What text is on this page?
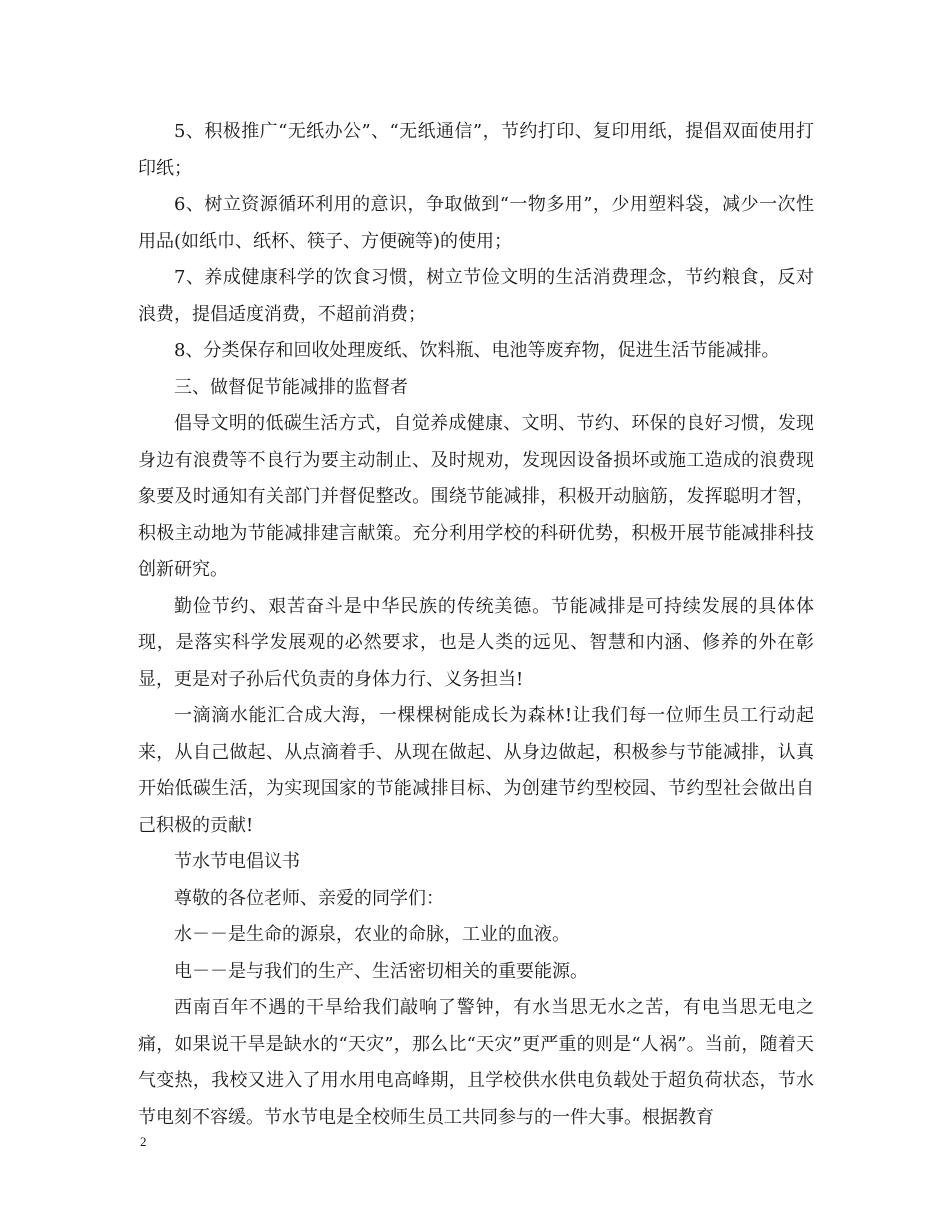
5、积极推广“无纸办公”、“无纸通信”，节约打印、复印用纸，提倡双面使用打印纸；

6、树立资源循环利用的意识，争取做到“一物多用”，少用塑料袋，减少一次性用品(如纸巾、纸杯、筷子、方便碗等)的使用；

7、养成健康科学的饮食习惯，树立节俭文明的生活消费理念，节约粮食，反对浪费，提倡适度消费，不超前消费；

8、分类保存和回收处理废纸、饮料瓶、电池等废弃物，促进生活节能减排。

三、做督促节能减排的监督者

倡导文明的低碳生活方式，自觉养成健康、文明、节约、环保的良好习惯，发现身边有浪费等不良行为要主动制止、及时规劝，发现因设备损坏或施工造成的浪费现象要及时通知有关部门并督促整改。围绕节能减排，积极开动脑筋，发挥聪明才智，积极主动地为节能减排建言献策。充分利用学校的科研优势，积极开展节能减排科技创新研究。

勤俭节约、艰苦奋斗是中华民族的传统美德。节能减排是可持续发展的具体体现，是落实科学发展观的必然要求，也是人类的远见、智慧和内涵、修养的外在彰显，更是对子孙后代负责的身体力行、义务担当!

一滴滴水能汇合成大海，一棵棵树能成长为森林!让我们每一位师生员工行动起来，从自己做起、从点滴着手、从现在做起、从身边做起，积极参与节能减排，认真开始低碳生活，为实现国家的节能减排目标、为创建节约型校园、节约型社会做出自己积极的贡献!

节水节电倡议书

尊敬的各位老师、亲爱的同学们：

水－－是生命的源泉，农业的命脉，工业的血液。

电－－是与我们的生产、生活密切相关的重要能源。

西南百年不遇的干旱给我们敲响了警钟，有水当思无水之苦，有电当思无电之痛，如果说干旱是缺水的“天灾”，那么比“天灾”更严重的则是“人祸”。当前，随着天气变热，我校又进入了用水用电高峰期，且学校供水供电负载处于超负荷状态，节水节电刻不容缓。节水节电是全校师生员工共同参与的一件大事。根据教育

2
